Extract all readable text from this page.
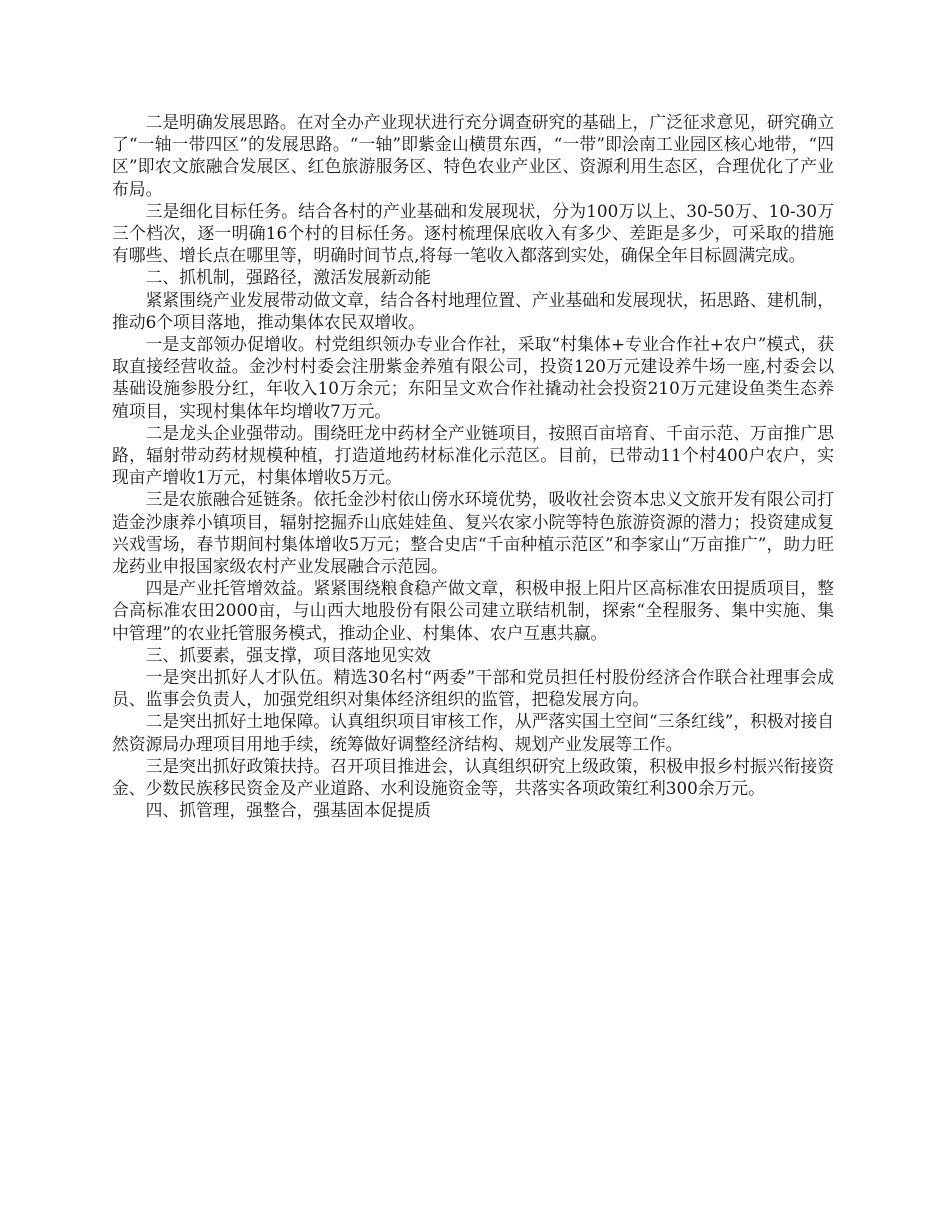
二是明确发展思路。在对全办产业现状进行充分调查研究的基础上，广泛征求意见，研究确立了“一轴一带四区”的发展思路。“一轴”即紫金山横贯东西，“一带”即浍南工业园区核心地带，“四区”即农文旅融合发展区、红色旅游服务区、特色农业产业区、资源利用生态区，合理优化了产业布局。

三是细化目标任务。结合各村的产业基础和发展现状，分为100万以上、30-50万、10-30万三个档次，逐一明确16个村的目标任务。逐村梳理保底收入有多少、差距是多少，可采取的措施有哪些、增长点在哪里等，明确时间节点,将每一笔收入都落到实处，确保全年目标圆满完成。

二、抓机制，强路径，激活发展新动能

紧紧围绕产业发展带动做文章，结合各村地理位置、产业基础和发展现状，拓思路、建机制，推动6个项目落地，推动集体农民双增收。

一是支部领办促增收。村党组织领办专业合作社，采取“村集体+专业合作社+农户”模式，获取直接经营收益。金沙村村委会注册紫金养殖有限公司，投资120万元建设养牛场一座,村委会以基础设施参股分红，年收入10万余元；东阳呈文欢合作社撬动社会投资210万元建设鱼类生态养殖项目，实现村集体年均增收7万元。

二是龙头企业强带动。围绕旺龙中药材全产业链项目，按照百亩培育、千亩示范、万亩推广思路，辐射带动药材规模种植，打造道地药材标准化示范区。目前，已带动11个村400户农户，实现亩产增收1万元，村集体增收5万元。

三是农旅融合延链条。依托金沙村依山傍水环境优势，吸收社会资本忠义文旅开发有限公司打造金沙康养小镇项目，辐射挖掘乔山底娃娃鱼、复兴农家小院等特色旅游资源的潜力；投资建成复兴戏雪场，春节期间村集体增收5万元；整合史店“千亩种植示范区”和李家山“万亩推广”，助力旺龙药业申报国家级农村产业发展融合示范园。

四是产业托管增效益。紧紧围绕粮食稳产做文章，积极申报上阳片区高标准农田提质项目，整合高标准农田2000亩，与山西大地股份有限公司建立联结机制，探索“全程服务、集中实施、集中管理”的农业托管服务模式，推动企业、村集体、农户互惠共赢。

三、抓要素，强支撑，项目落地见实效

一是突出抓好人才队伍。精选30名村“两委”干部和党员担任村股份经济合作联合社理事会成员、监事会负责人，加强党组织对集体经济组织的监管，把稳发展方向。

二是突出抓好土地保障。认真组织项目审核工作，从严落实国土空间“三条红线”，积极对接自然资源局办理项目用地手续，统筹做好调整经济结构、规划产业发展等工作。

三是突出抓好政策扶持。召开项目推进会，认真组织研究上级政策，积极申报乡村振兴衔接资金、少数民族移民资金及产业道路、水利设施资金等，共落实各项政策红利300余万元。

四、抓管理，强整合，强基固本促提质
